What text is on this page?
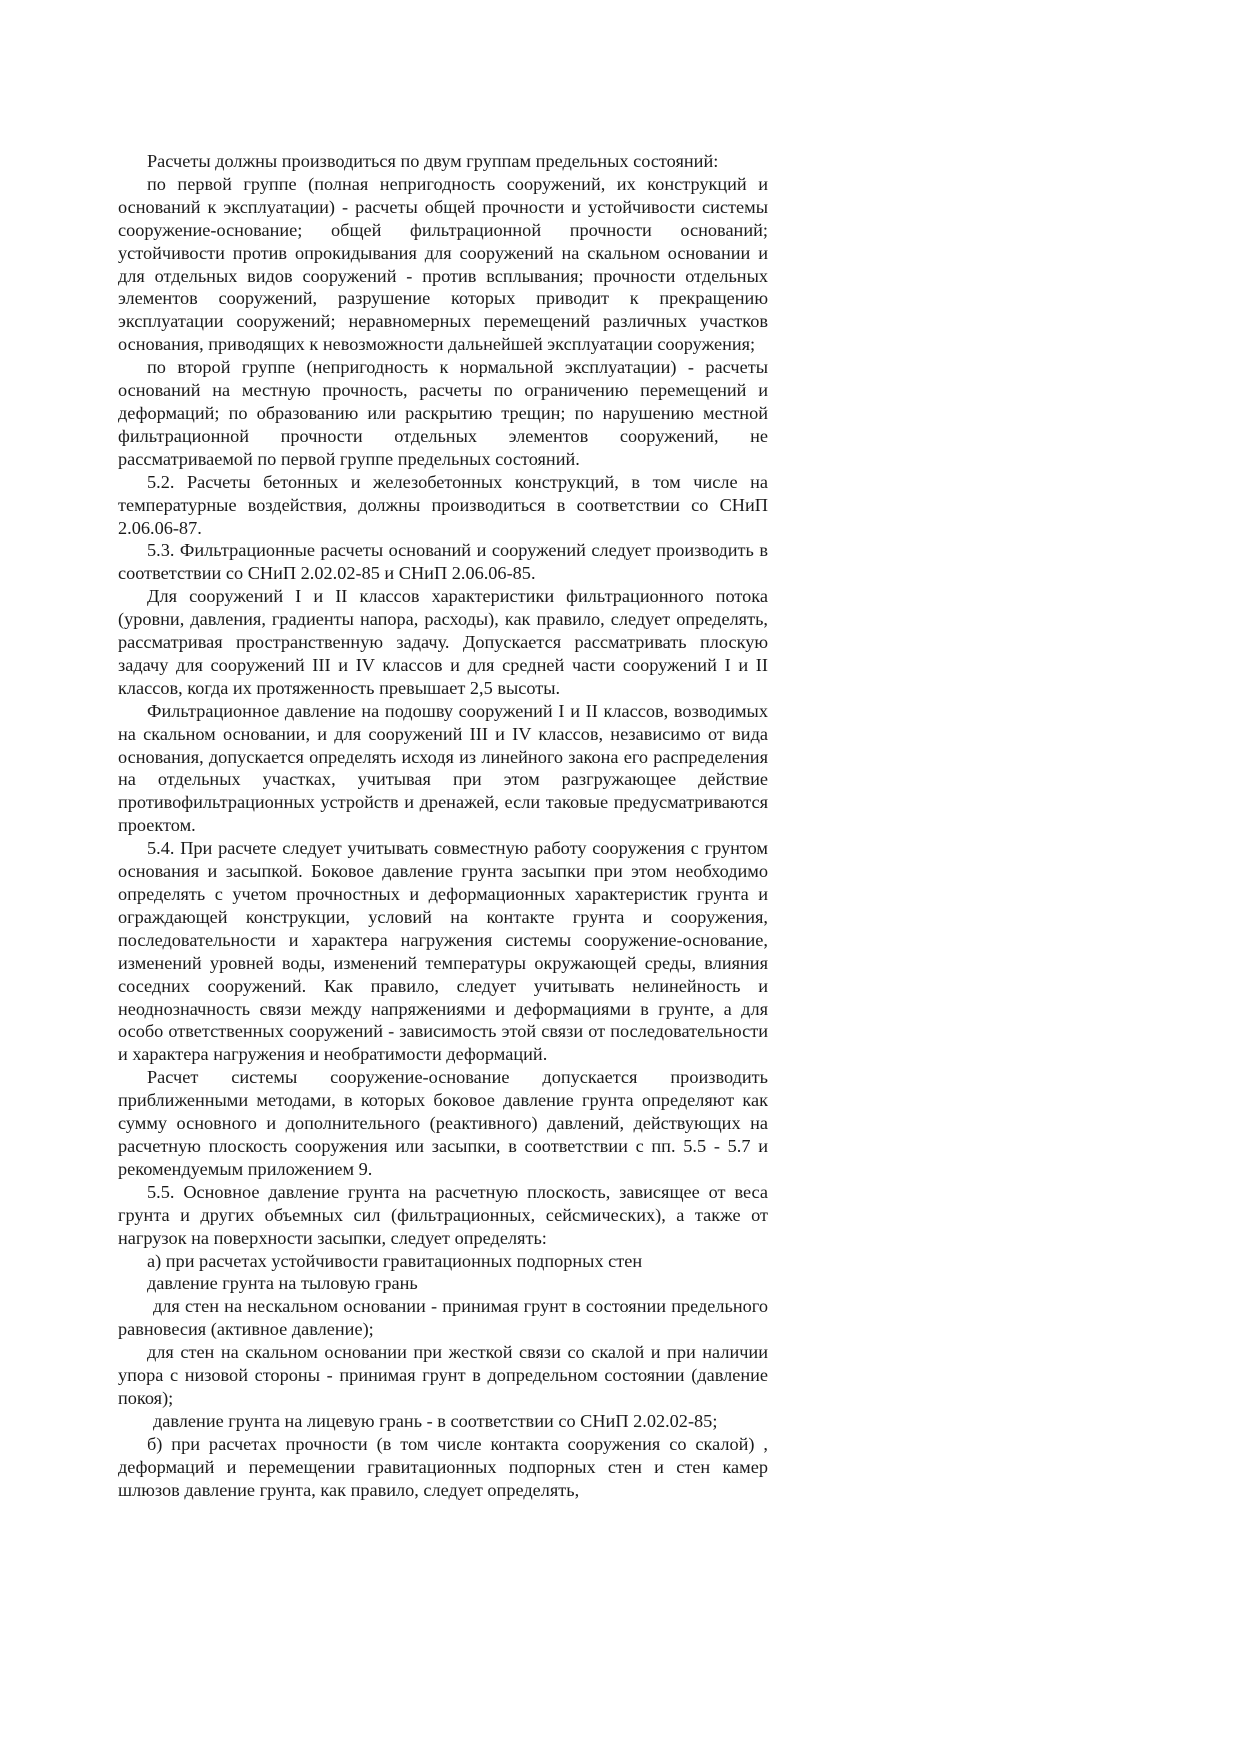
Расчеты должны производиться по двум группам предельных состояний:

по первой группе (полная непригодность сооружений, их конструкций и оснований к эксплуатации) - расчеты общей прочности и устойчивости системы сооружение-основание; общей фильтрационной прочности оснований; устойчивости против опрокидывания для сооружений на скальном основании и для отдельных видов сооружений - против всплывания; прочности отдельных элементов сооружений, разрушение которых приводит к прекращению эксплуатации сооружений; неравномерных перемещений различных участков основания, приводящих к невозможности дальнейшей эксплуатации сооружения;

по второй группе (непригодность к нормальной эксплуатации) - расчеты оснований на местную прочность, расчеты по ограничению перемещений и деформаций; по образованию или раскрытию трещин; по нарушению местной фильтрационной прочности отдельных элементов сооружений, не рассматриваемой по первой группе предельных состояний.

5.2. Расчеты бетонных и железобетонных конструкций, в том числе на температурные воздействия, должны производиться в соответствии со СНиП 2.06.06-87.

5.3. Фильтрационные расчеты оснований и сооружений следует производить в соответствии со СНиП 2.02.02-85 и СНиП 2.06.06-85.

Для сооружений I и II классов характеристики фильтрационного потока (уровни, давления, градиенты напора, расходы), как правило, следует определять, рассматривая пространственную задачу. Допускается рассматривать плоскую задачу для сооружений III и IV классов и для средней части сооружений I и II классов, когда их протяженность превышает 2,5 высоты.

Фильтрационное давление на подошву сооружений I и II классов, возводимых на скальном основании, и для сооружений III и IV классов, независимо от вида основания, допускается определять исходя из линейного закона его распределения на отдельных участках, учитывая при этом разгружающее действие противофильтрационных устройств и дренажей, если таковые предусматриваются проектом.

5.4. При расчете следует учитывать совместную работу сооружения с грунтом основания и засыпкой. Боковое давление грунта засыпки при этом необходимо определять с учетом прочностных и деформационных характеристик грунта и ограждающей конструкции, условий на контакте грунта и сооружения, последовательности и характера нагружения системы сооружение-основание, изменений уровней воды, изменений температуры окружающей среды, влияния соседних сооружений. Как правило, следует учитывать нелинейность и неоднозначность связи между напряжениями и деформациями в грунте, а для особо ответственных сооружений - зависимость этой связи от последовательности и характера нагружения и необратимости деформаций.

Расчет системы сооружение-основание допускается производить приближенными методами, в которых боковое давление грунта определяют как сумму основного и дополнительного (реактивного) давлений, действующих на расчетную плоскость сооружения или засыпки, в соответствии с пп. 5.5 - 5.7 и рекомендуемым приложением 9.

5.5. Основное давление грунта на расчетную плоскость, зависящее от веса грунта и других объемных сил (фильтрационных, сейсмических), а также от нагрузок на поверхности засыпки, следует определять:

а) при расчетах устойчивости гравитационных подпорных стен

давление грунта на тыловую грань

для стен на нескальном основании - принимая грунт в состоянии предельного равновесия (активное давление);

для стен на скальном основании при жесткой связи со скалой и при наличии упора с низовой стороны - принимая грунт в допредельном состоянии (давление покоя);

давление грунта на лицевую грань - в соответствии со СНиП 2.02.02-85;

б) при расчетах прочности (в том числе контакта сооружения со скалой) , деформаций и перемещении гравитационных подпорных стен и стен камер шлюзов давление грунта, как правило, следует определять,
